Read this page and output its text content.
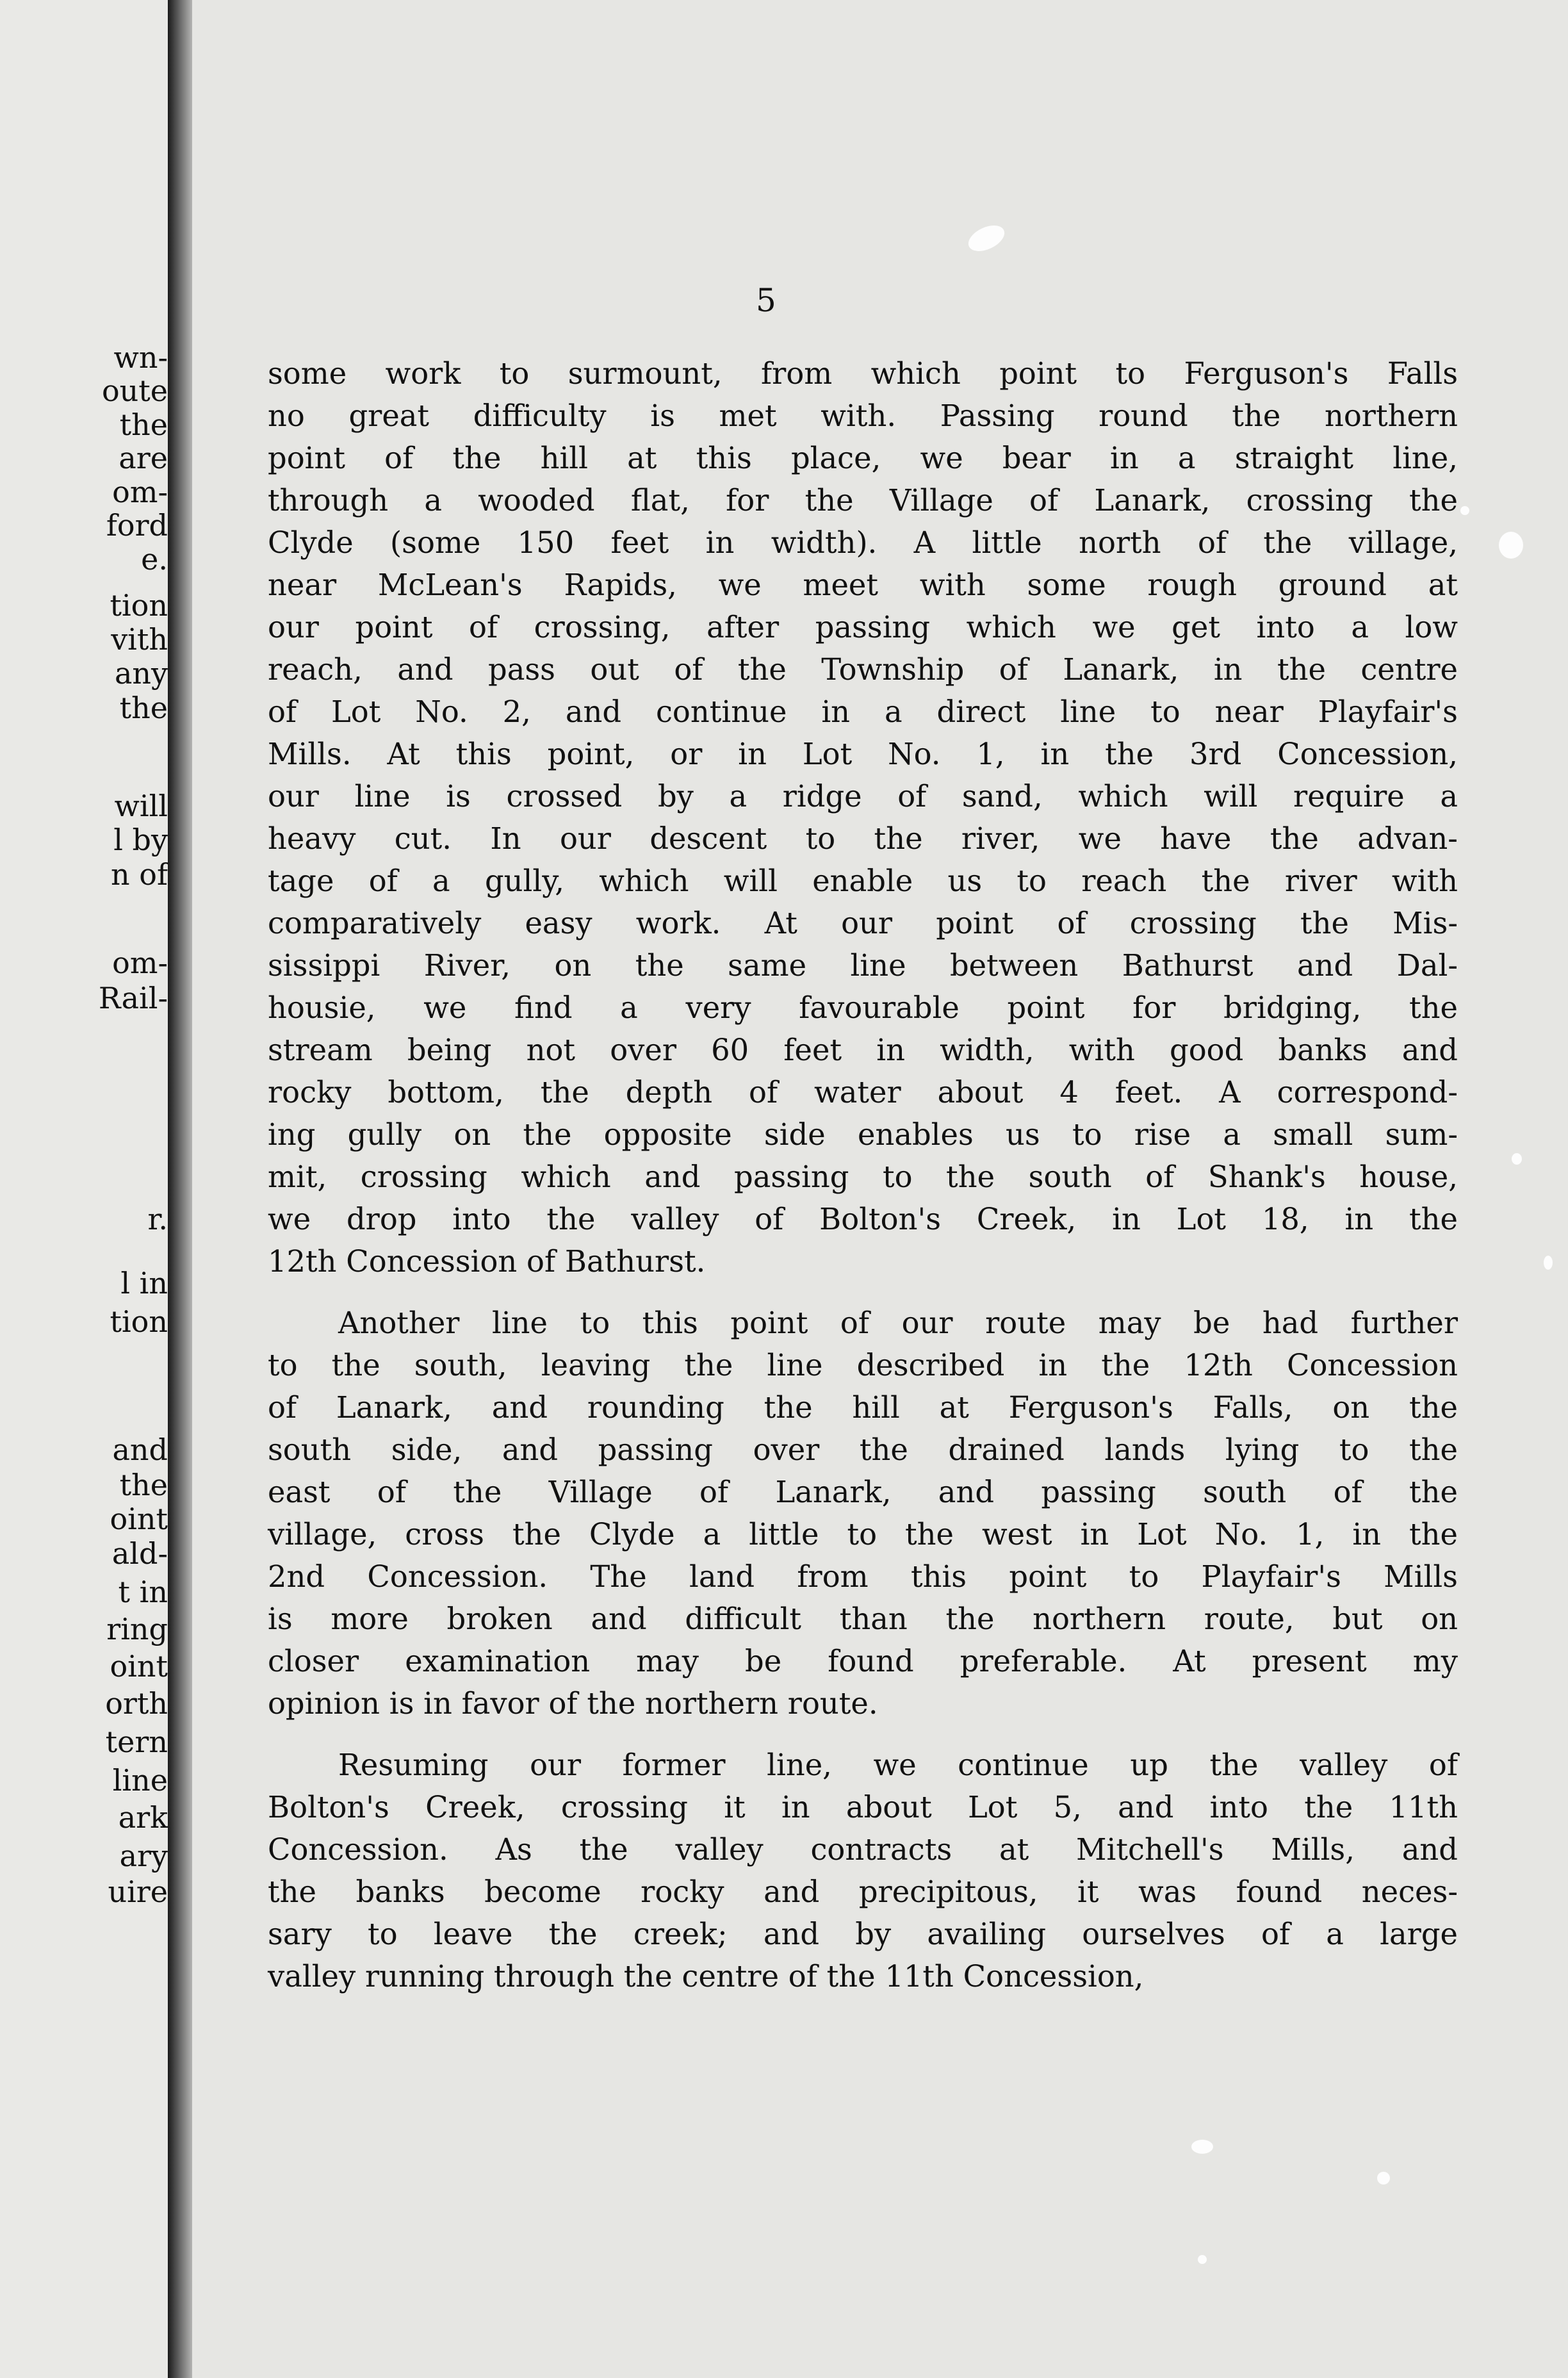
wn-
oute
the
are
om-
ford
e.
tion
vith
any
the
will
l by
n of
om-
Rail-
r.
l in
tion
and
the
oint
ald-
t in
ring
oint
orth
tern
line
ark
ary
uire
5
some work to surmount, from which point to Ferguson's Falls
no great difficulty is met with. Passing round the northern
point of the hill at this place, we bear in a straight line,
through a wooded flat, for the Village of Lanark, crossing the
Clyde (some 150 feet in width). A little north of the village,
near McLean's Rapids, we meet with some rough ground at
our point of crossing, after passing which we get into a low
reach, and pass out of the Township of Lanark, in the centre
of Lot No. 2, and continue in a direct line to near Playfair's
Mills. At this point, or in Lot No. 1, in the 3rd Concession,
our line is crossed by a ridge of sand, which will require a
heavy cut. In our descent to the river, we have the advan-
tage of a gully, which will enable us to reach the river with
comparatively easy work. At our point of crossing the Mis-
sissippi River, on the same line between Bathurst and Dal-
housie, we find a very favourable point for bridging, the
stream being not over 60 feet in width, with good banks and
rocky bottom, the depth of water about 4 feet. A correspond-
ing gully on the opposite side enables us to rise a small sum-
mit, crossing which and passing to the south of Shank's house,
we drop into the valley of Bolton's Creek, in Lot 18, in the
12th Concession of Bathurst.
Another line to this point of our route may be had further
to the south, leaving the line described in the 12th Concession
of Lanark, and rounding the hill at Ferguson's Falls, on the
south side, and passing over the drained lands lying to the
east of the Village of Lanark, and passing south of the
village, cross the Clyde a little to the west in Lot No. 1, in the
2nd Concession. The land from this point to Playfair's Mills
is more broken and difficult than the northern route, but on
closer examination may be found preferable. At present my
opinion is in favor of the northern route.
Resuming our former line, we continue up the valley of
Bolton's Creek, crossing it in about Lot 5, and into the 11th
Concession. As the valley contracts at Mitchell's Mills, and
the banks become rocky and precipitous, it was found neces-
sary to leave the creek; and by availing ourselves of a large
valley running through the centre of the 11th Concession,
